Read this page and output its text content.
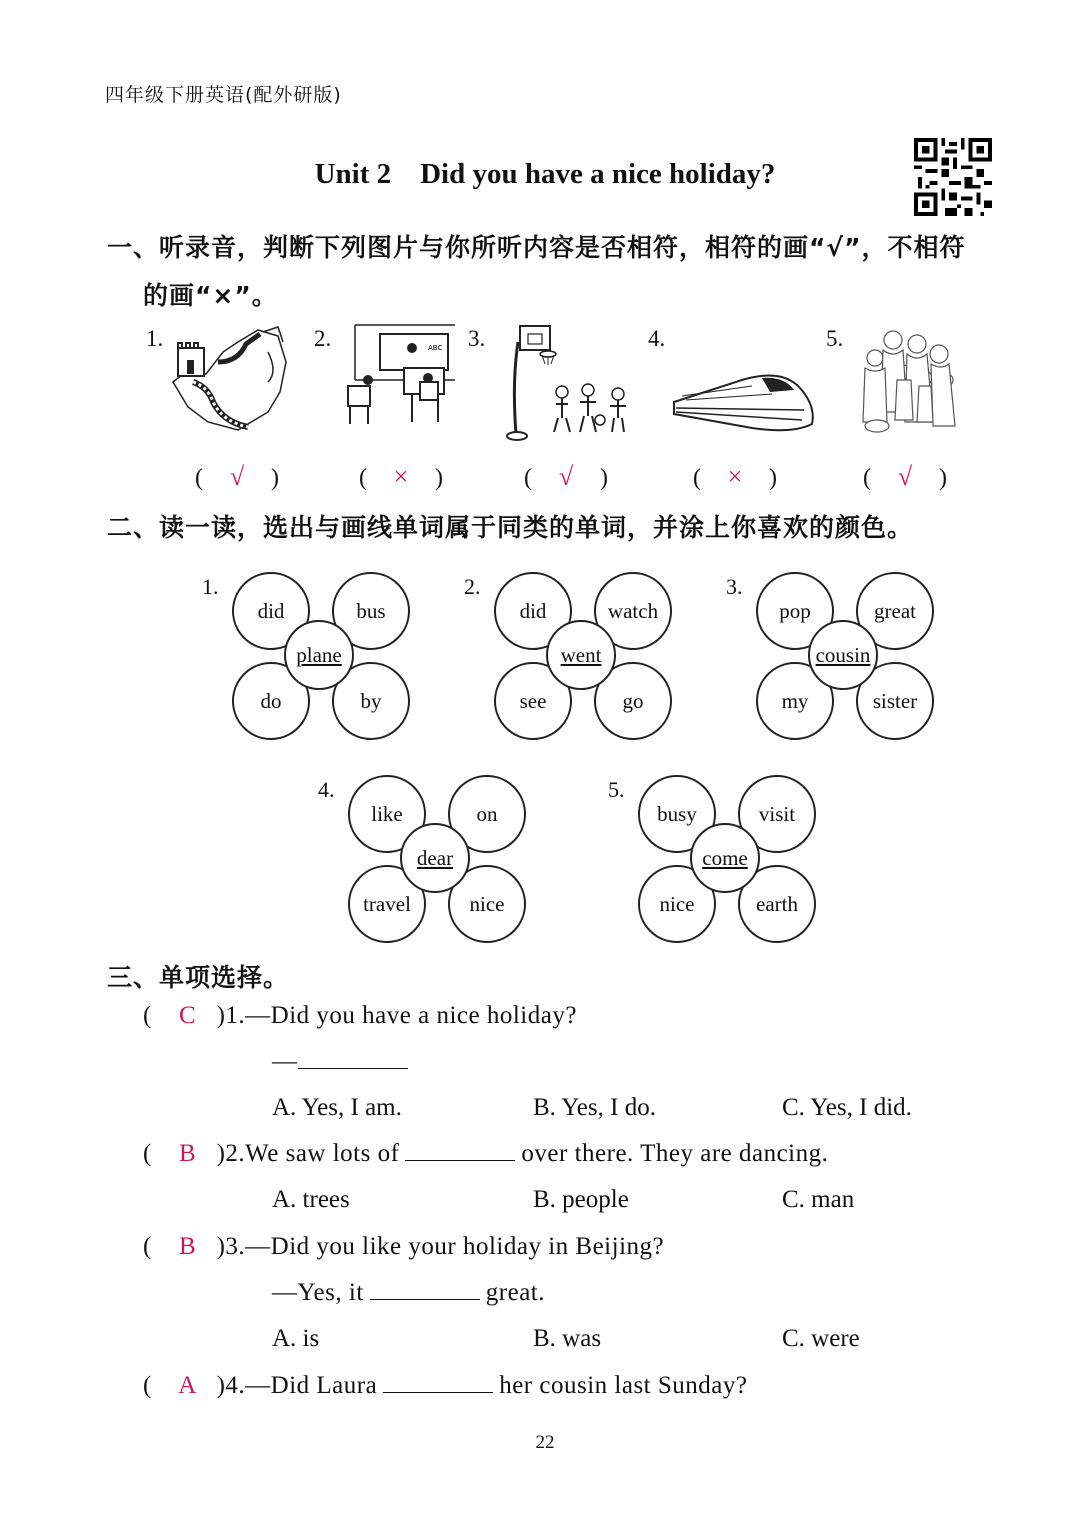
四年级下册英语(配外研版)
Unit 2    Did you have a nice holiday?
一、听录音，判断下列图片与你所听内容是否相符，相符的画“√”，不相符
的画“×”。
1.	2.	3.	4.	5.
ABC
( √ )	( × )	( √ )	( × )	( √ )
二、读一读，选出与画线单词属于同类的单词，并涂上你喜欢的颜色。
1.
did	bus
do	by
plane
2.
did	watch
see	go
went
3.
pop	great
my	sister
cousin
4.
like	on
travel	nice
dear
5.
busy	visit
nice	earth
come
三、单项选择。
( C )1.—Did you have a nice holiday?
—
A. Yes, I am.	B. Yes, I do.	C. Yes, I did.
( B )2.We saw lots of	over there. They are dancing.
A. trees	B. people	C. man
( B )3.—Did you like your holiday in Beijing?
—Yes, it	great.
A. is	B. was	C. were
( A )4.—Did Laura	her cousin last Sunday?
22
